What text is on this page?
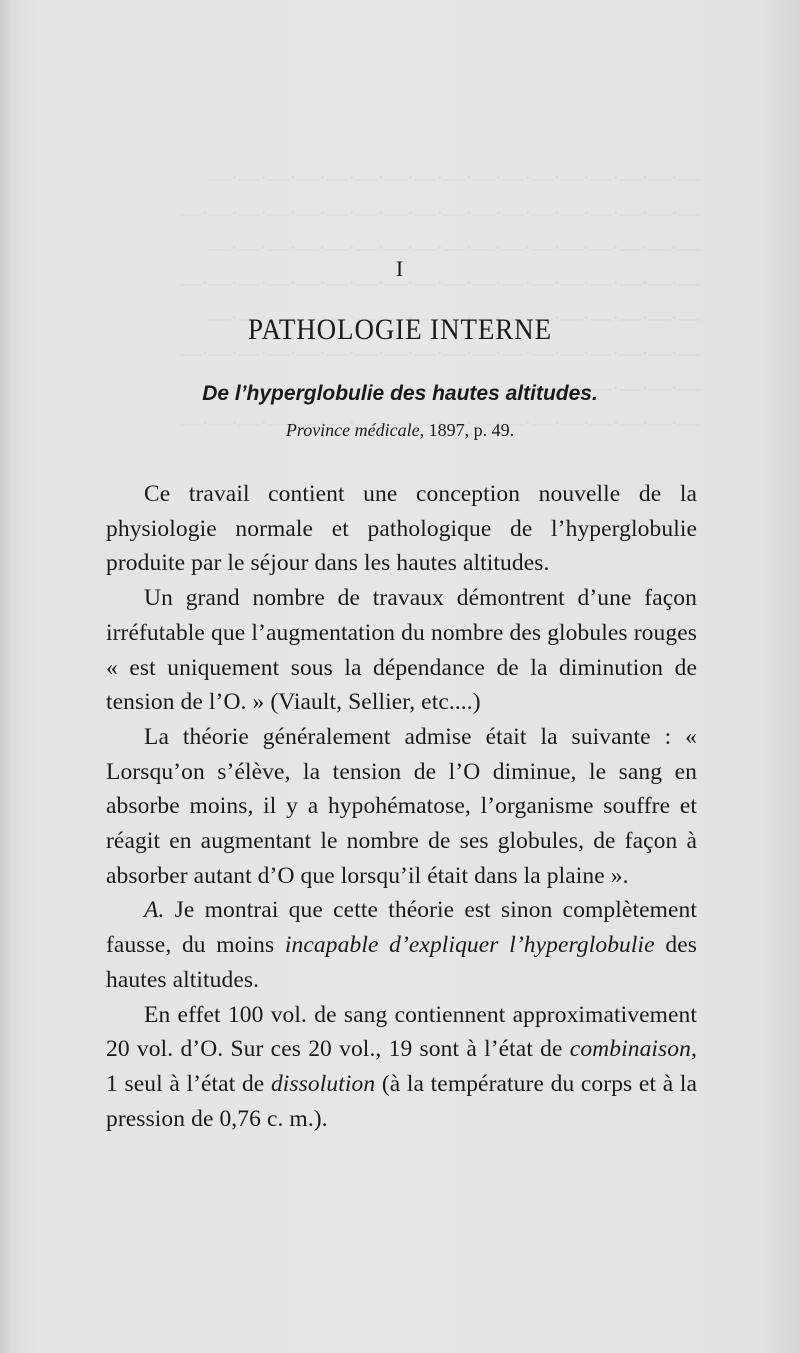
I
PATHOLOGIE INTERNE
De l’hyperglobulie des hautes altitudes.
Province médicale, 1897, p. 49.

Ce travail contient une conception nouvelle de la physiologie normale et pathologique de l’hyperglobulie produite par le séjour dans les hautes altitudes.

Un grand nombre de travaux démontrent d’une façon irréfutable que l’augmentation du nombre des globules rouges « est uniquement sous la dépendance de la diminution de tension de l’O. » (Viault, Sellier, etc....)

La théorie généralement admise était la suivante : « Lorsqu’on s’élève, la tension de l’O diminue, le sang en absorbe moins, il y a hypohématose, l’organisme souffre et réagit en augmentant le nombre de ses globules, de façon à absorber autant d’O que lorsqu’il était dans la plaine ».

A. Je montrai que cette théorie est sinon complètement fausse, du moins incapable d’expliquer l’hyperglobulie des hautes altitudes.

En effet 100 vol. de sang contiennent approximativement 20 vol. d’O. Sur ces 20 vol., 19 sont à l’état de combinaison, 1 seul à l’état de dissolution (à la température du corps et à la pression de 0,76 c. m.).
